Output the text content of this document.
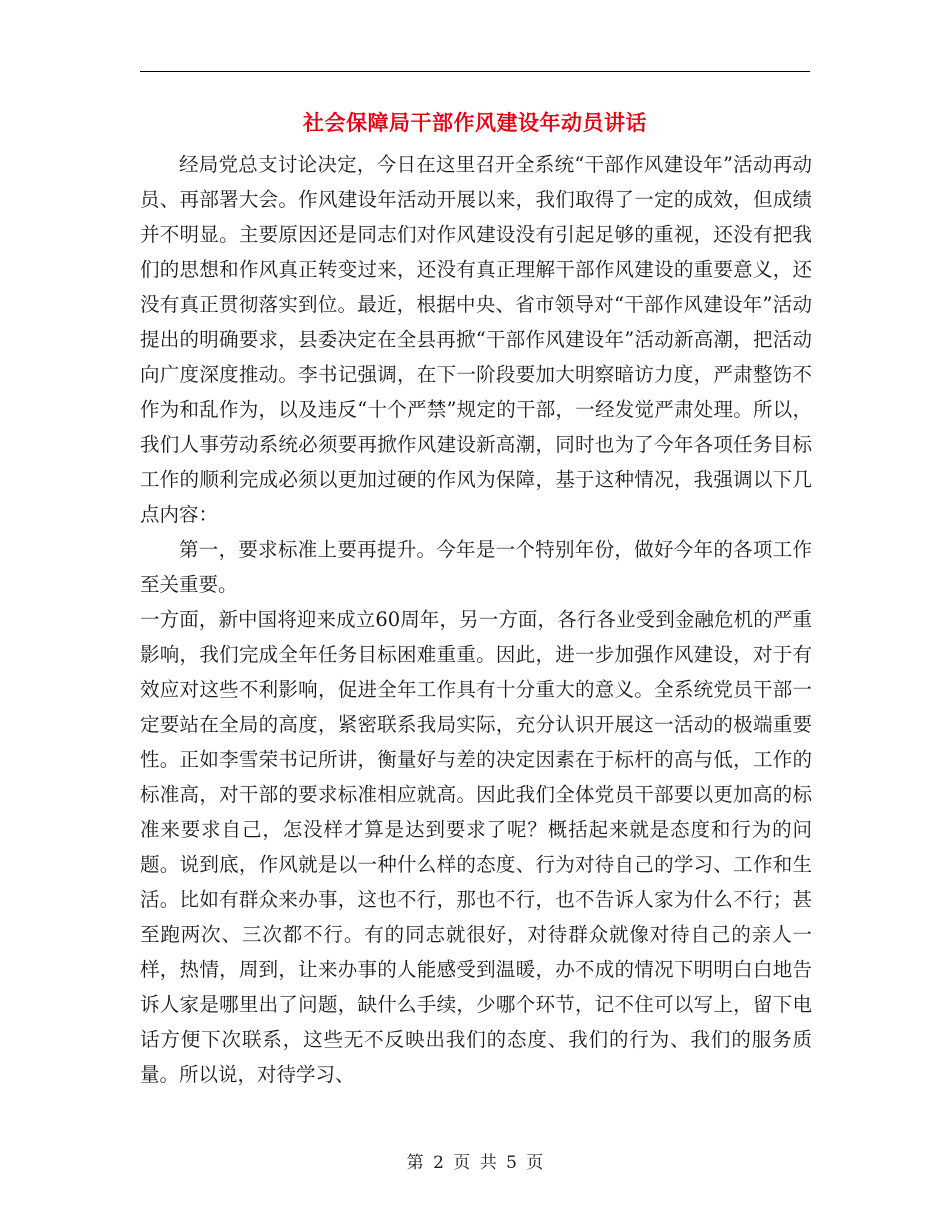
社会保障局干部作风建设年动员讲话

经局党总支讨论决定，今日在这里召开全系统“干部作风建设年”活动再动员、再部署大会。作风建设年活动开展以来，我们取得了一定的成效，但成绩并不明显。主要原因还是同志们对作风建设没有引起足够的重视，还没有把我们的思想和作风真正转变过来，还没有真正理解干部作风建设的重要意义，还没有真正贯彻落实到位。最近，根据中央、省市领导对“干部作风建设年”活动提出的明确要求，县委决定在全县再掀“干部作风建设年”活动新高潮，把活动向广度深度推动。李书记强调，在下一阶段要加大明察暗访力度，严肃整饬不作为和乱作为，以及违反“十个严禁”规定的干部，一经发觉严肃处理。所以，我们人事劳动系统必须要再掀作风建设新高潮，同时也为了今年各项任务目标工作的顺利完成必须以更加过硬的作风为保障，基于这种情况，我强调以下几点内容：

第一，要求标准上要再提升。今年是一个特别年份，做好今年的各项工作至关重要。

一方面，新中国将迎来成立60周年，另一方面，各行各业受到金融危机的严重影响，我们完成全年任务目标困难重重。因此，进一步加强作风建设，对于有效应对这些不利影响，促进全年工作具有十分重大的意义。全系统党员干部一定要站在全局的高度，紧密联系我局实际，充分认识开展这一活动的极端重要性。正如李雪荣书记所讲，衡量好与差的决定因素在于标杆的高与低，工作的标准高，对干部的要求标准相应就高。因此我们全体党员干部要以更加高的标准来要求自己，怎没样才算是达到要求了呢？概括起来就是态度和行为的问题。说到底，作风就是以一种什么样的态度、行为对待自己的学习、工作和生活。比如有群众来办事，这也不行，那也不行，也不告诉人家为什么不行；甚至跑两次、三次都不行。有的同志就很好，对待群众就像对待自己的亲人一样，热情，周到，让来办事的人能感受到温暖，办不成的情况下明明白白地告诉人家是哪里出了问题，缺什么手续，少哪个环节，记不住可以写上，留下电话方便下次联系，这些无不反映出我们的态度、我们的行为、我们的服务质量。所以说，对待学习、

第 2 页 共 5 页
